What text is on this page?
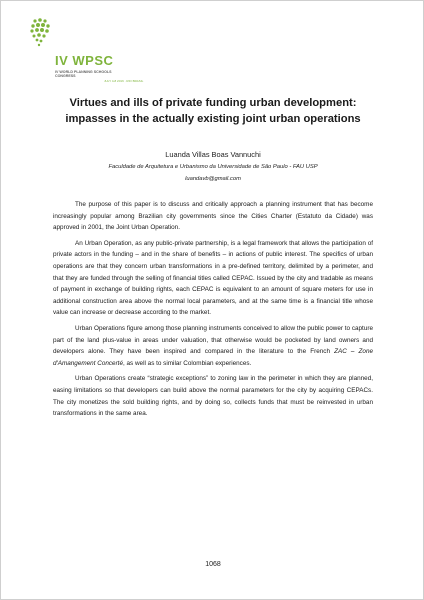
IV WPSC
IV WORLD PLANNING SCHOOLS CONGRESS
JULY 4-8 2016 · RIO BRASIL
Virtues and ills of private funding urban development:
impasses in the actually existing joint urban operations
Luanda Villas Boas Vannuchi
Faculdade de Arquitetura e Urbanismo da Universidade de São Paulo - FAU USP
luandavb@gmail.com

The purpose of this paper is to discuss and critically approach a planning instrument that has become increasingly popular among Brazilian city governments since the Cities Charter (Estatuto da Cidade) was approved in 2001, the Joint Urban Operation.

An Urban Operation, as any public-private partnership, is a legal framework that allows the participation of private actors in the funding – and in the share of benefits – in actions of public interest. The specifics of urban operations are that they concern urban transformations in a pre-defined territory, delimited by a perimeter, and that they are funded through the selling of financial titles called CEPAC. Issued by the city and tradable as means of payment in exchange of building rights, each CEPAC is equivalent to an amount of square meters for use in additional construction area above the normal local parameters, and at the same time is a financial title whose value can increase or decrease according to the market.

Urban Operations figure among those planning instruments conceived to allow the public power to capture part of the land plus-value in areas under valuation, that otherwise would be pocketed by land owners and developers alone. They have been inspired and compared in the literature to the French ZAC – Zone d'Amangement Concerté, as well as to similar Colombian experiences.

Urban Operations create “strategic exceptions” to zoning law in the perimeter in which they are planned, easing limitations so that developers can build above the normal parameters for the city by acquiring CEPACs. The city monetizes the sold building rights, and by doing so, collects funds that must be reinvested in urban transformations in the same area.

1068
